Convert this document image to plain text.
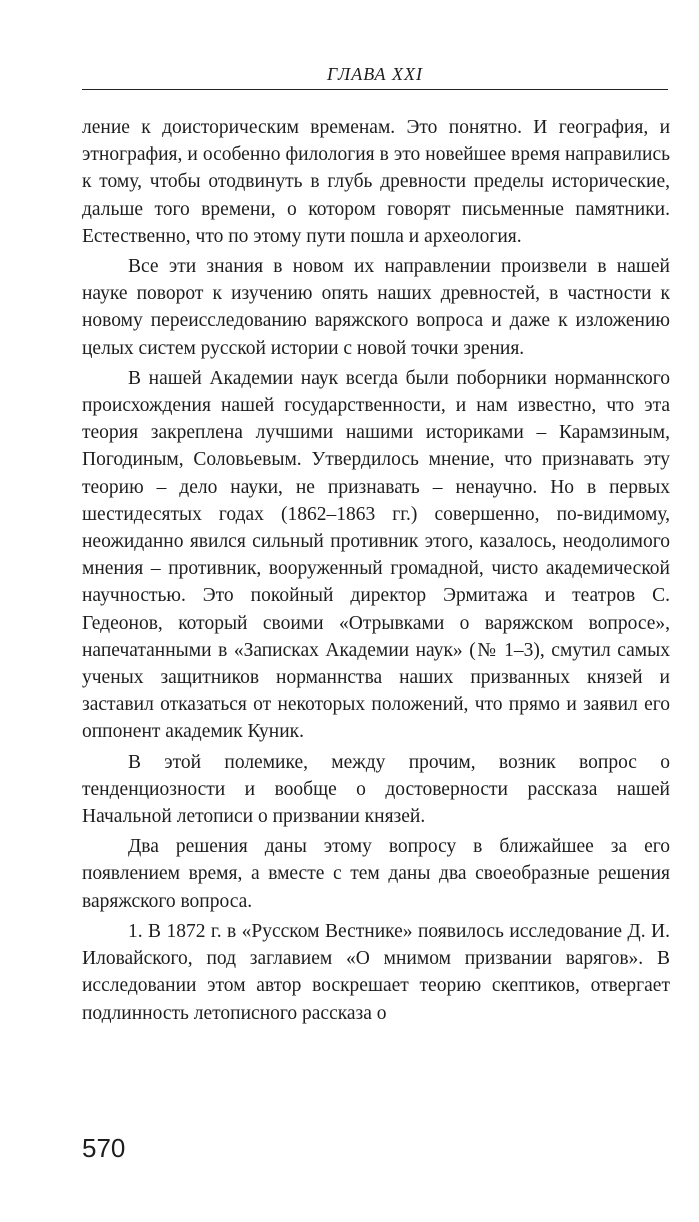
ГЛАВА XXI

ление к доисторическим временам. Это понятно. И география, и этнография, и особенно филология в это новейшее время направились к тому, чтобы отодвинуть в глубь древности пределы исторические, дальше того времени, о котором говорят письменные памятники. Естественно, что по этому пути пошла и археология.

Все эти знания в новом их направлении произвели в нашей науке поворот к изучению опять наших древностей, в частности к новому переисследованию варяжского вопроса и даже к изложению целых систем русской истории с новой точки зрения.

В нашей Академии наук всегда были поборники норманнского происхождения нашей государственности, и нам известно, что эта теория закреплена лучшими нашими историками – Карамзиным, Погодиным, Соловьевым. Утвердилось мнение, что признавать эту теорию – дело науки, не признавать – ненаучно. Но в первых шестидесятых годах (1862–1863 гг.) совершенно, по-видимому, неожиданно явился сильный противник этого, казалось, неодолимого мнения – противник, вооруженный громадной, чисто академической научностью. Это покойный директор Эрмитажа и театров С. Гедеонов, который своими «Отрывками о варяжском вопросе», напечатанными в «Записках Академии наук» (№ 1–3), смутил самых ученых защитников норманнства наших призванных князей и заставил отказаться от некоторых положений, что прямо и заявил его оппонент академик Куник.

В этой полемике, между прочим, возник вопрос о тенденциозности и вообще о достоверности рассказа нашей Начальной летописи о призвании князей.

Два решения даны этому вопросу в ближайшее за его появлением время, а вместе с тем даны два своеобразные решения варяжского вопроса.

1. В 1872 г. в «Русском Вестнике» появилось исследование Д. И. Иловайского, под заглавием «О мнимом призвании варягов». В исследовании этом автор воскрешает теорию скептиков, отвергает подлинность летописного рассказа о

570
